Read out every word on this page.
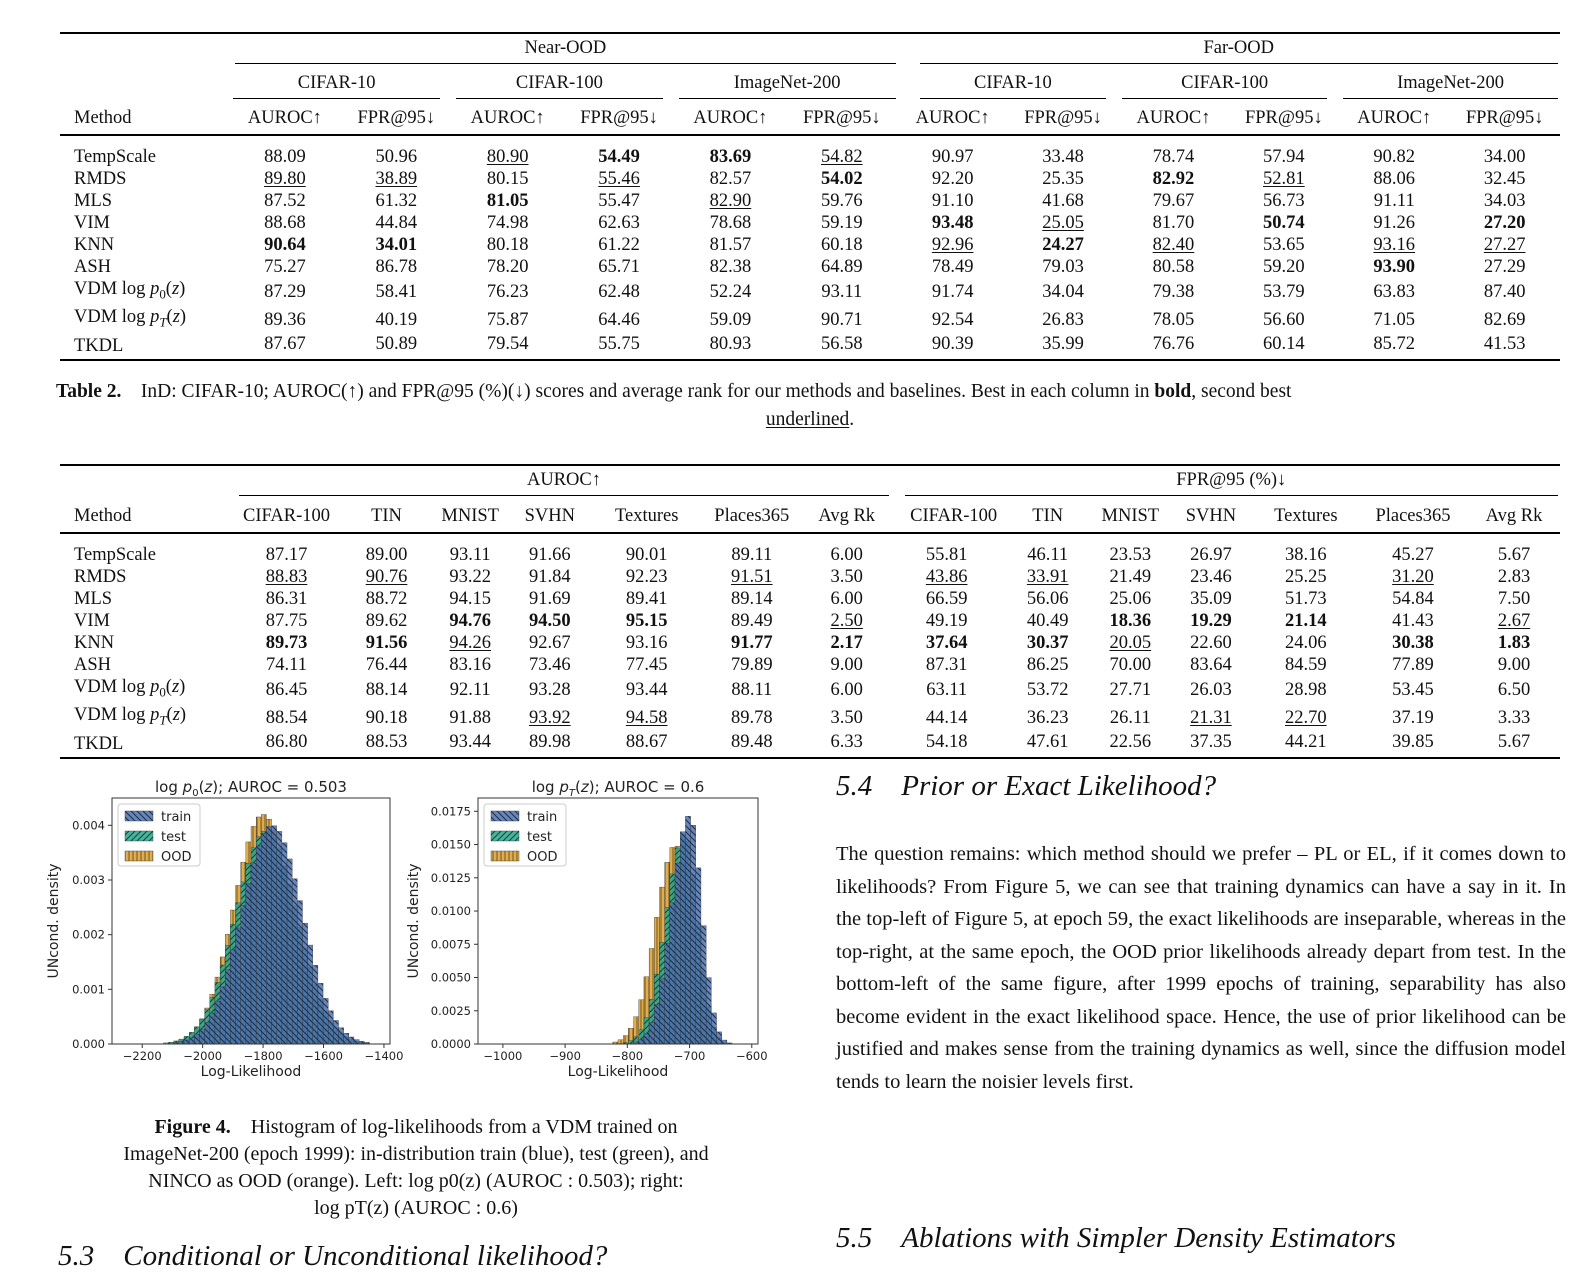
	Near-OOD						Far-OOD					

	CIFAR-10		CIFAR-100		ImageNet-200		CIFAR-10		CIFAR-100		ImageNet-200	

Method	AUROC↑	FPR@95↓	AUROC↑	FPR@95↓	AUROC↑	FPR@95↓	AUROC↑	FPR@95↓	AUROC↑	FPR@95↓	AUROC↑	FPR@95↓
TempScale	88.09	50.96	80.90	54.49	83.69	54.82	90.97	33.48	78.74	57.94	90.82	34.00
RMDS	89.80	38.89	80.15	55.46	82.57	54.02	92.20	25.35	82.92	52.81	88.06	32.45
MLS	87.52	61.32	81.05	55.47	82.90	59.76	91.10	41.68	79.67	56.73	91.11	34.03
VIM	88.68	44.84	74.98	62.63	78.68	59.19	93.48	25.05	81.70	50.74	91.26	27.20
KNN	90.64	34.01	80.18	61.22	81.57	60.18	92.96	24.27	82.40	53.65	93.16	27.27
ASH	75.27	86.78	78.20	65.71	82.38	64.89	78.49	79.03	80.58	59.20	93.90	27.29
VDM $\log p_0(z)$	87.29	58.41	76.23	62.48	52.24	93.11	91.74	34.04	79.38	53.79	63.83	87.40
VDM $\log p_T(z)$	89.36	40.19	75.87	64.46	59.09	90.71	92.54	26.83	78.05	56.60	71.05	82.69
TKDL	87.67	50.89	79.54	55.75	80.93	56.58	90.39	35.99	76.76	60.14	85.72	41.53
Table 2. InD: CIFAR-10; AUROC(↑) and FPR@95 (%)(↓) scores and average rank for our methods and baselines. Best in each column in bold, second best
underlined.

	AUROC↑							FPR@95 (%)↓						

Method	CIFAR-100	TIN	MNIST	SVHN	Textures	Places365	Avg Rk	CIFAR-100	TIN	MNIST	SVHN	Textures	Places365	Avg Rk
TempScale	87.17	89.00	93.11	91.66	90.01	89.11	6.00	55.81	46.11	23.53	26.97	38.16	45.27	5.67
RMDS	88.83	90.76	93.22	91.84	92.23	91.51	3.50	43.86	33.91	21.49	23.46	25.25	31.20	2.83
MLS	86.31	88.72	94.15	91.69	89.41	89.14	6.00	66.59	56.06	25.06	35.09	51.73	54.84	7.50
VIM	87.75	89.62	94.76	94.50	95.15	89.49	2.50	49.19	40.49	18.36	19.29	21.14	41.43	2.67
KNN	89.73	91.56	94.26	92.67	93.16	91.77	2.17	37.64	30.37	20.05	22.60	24.06	30.38	1.83
ASH	74.11	76.44	83.16	73.46	77.45	79.89	9.00	87.31	86.25	70.00	83.64	84.59	77.89	9.00
VDM $\log p_0(z)$	86.45	88.14	92.11	93.28	93.44	88.11	6.00	63.11	53.72	27.71	26.03	28.98	53.45	6.50
VDM $\log p_T(z)$	88.54	90.18	91.88	93.92	94.58	89.78	3.50	44.14	36.23	26.11	21.31	22.70	37.19	3.33
TKDL	86.80	88.53	93.44	89.98	88.67	89.48	6.33	54.18	47.61	22.56	37.35	44.21	39.85	5.67
$\log p_0(z)$; AUROC = 0.503
−2200 −2000 −1800 −1600 −1400
0.000
0.001
0.002
0.003
0.004
Log-Likelihood
UNcond. density
train
test
OOD
$\log p_T(z)$; AUROC = 0.6
−1000 −900	−800	−700	−600
0.0000
0.0025
0.0050
0.0075
0.0100
0.0125
0.0150
0.0175
Log-Likelihood
UNcond. density
train
test
OOD
Figure 4. Histogram of log-likelihoods from a VDM trained on
ImageNet-200 (epoch 1999): in-distribution train (blue), test (green), and
NINCO as OOD (orange). Left: log p0(z) (AUROC : 0.503); right:
log pT(z) (AUROC : 0.6)
5.3 Conditional or Unconditional likelihood?
5.4 Prior or Exact Likelihood?
The question remains: which method should we prefer – PL or EL, if it comes down to likelihoods? From Figure 5, we can see that training dynamics can have a say in it. In the top-left of Figure 5, at epoch 59, the exact likelihoods are inseparable, whereas in the top-right, at the same epoch, the OOD prior likelihoods already depart from test. In the bottom-left of the same figure, after 1999 epochs of training, separability has also become evident in the exact likelihood space. Hence, the use of prior likelihood can be justified and makes sense from the training dynamics as well, since the diffusion model tends to learn the noisier levels first.
5.5 Ablations with Simpler Density Estimators
